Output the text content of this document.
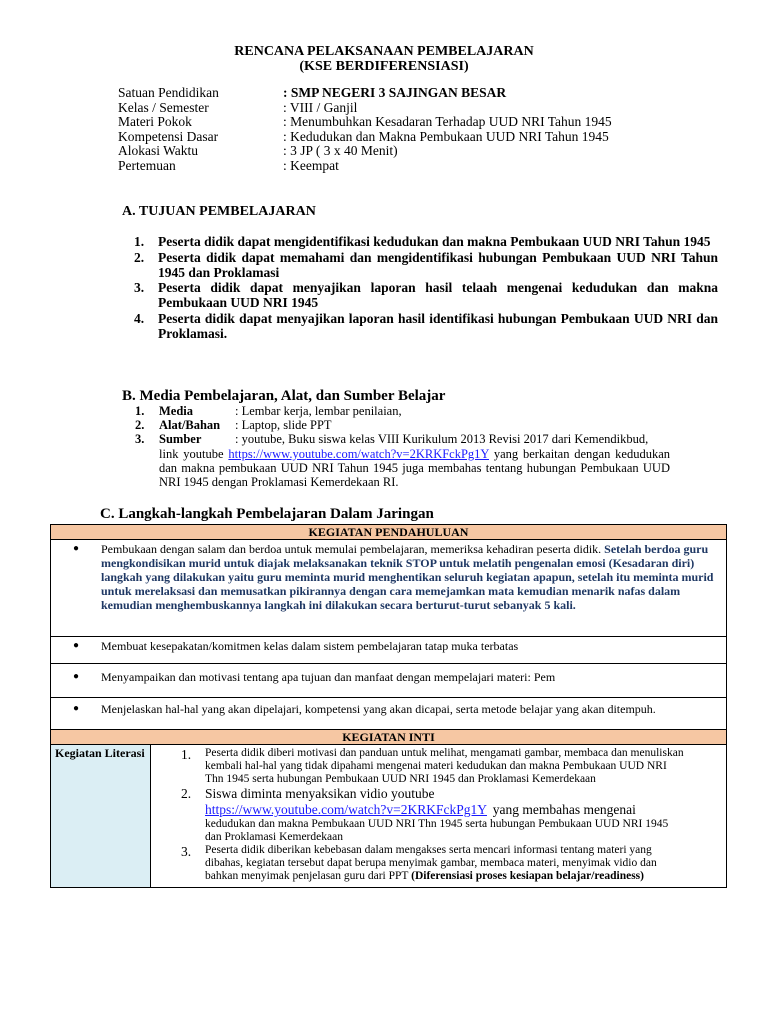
RENCANA PELAKSANAAN PEMBELAJARAN
(KSE BERDIFERENSIASI)
Satuan Pendidikan	: SMP NEGERI 3 SAJINGAN BESAR
Kelas / Semester	: VIII / Ganjil
Materi Pokok	: Menumbuhkan Kesadaran Terhadap UUD NRI Tahun 1945
Kompetensi Dasar	: Kedudukan dan Makna Pembukaan UUD NRI Tahun 1945
Alokasi Waktu	: 3 JP ( 3 x 40 Menit)
Pertemuan	: Keempat
A. TUJUAN PEMBELAJARAN
1.	Peserta didik dapat mengidentifikasi kedudukan dan makna Pembukaan UUD NRI Tahun 1945
2.	Peserta didik dapat memahami dan mengidentifikasi hubungan Pembukaan UUD NRI Tahun 1945 dan Proklamasi
3.	Peserta didik dapat menyajikan laporan hasil telaah mengenai kedudukan dan makna Pembukaan UUD NRI 1945
4.	Peserta didik dapat menyajikan laporan hasil identifikasi hubungan Pembukaan UUD NRI dan Proklamasi.
B. Media Pembelajaran, Alat, dan Sumber Belajar
1.	Media	: Lembar kerja, lembar penilaian,
2.	Alat/Bahan	: Laptop, slide PPT
3.	Sumber	: youtube, Buku siswa kelas VIII Kurikulum 2013 Revisi 2017 dari Kemendikbud,
link youtube https://www.youtube.com/watch?v=2KRKFckPg1Y yang berkaitan dengan kedudukan dan makna pembukaan UUD NRI Tahun 1945 juga membahas tentang hubungan Pembukaan UUD NRI 1945 dengan Proklamasi Kemerdekaan RI.
C. Langkah-langkah Pembelajaran Dalam Jaringan
KEGIATAN PENDAHULUAN

●	Pembukaan dengan salam dan berdoa untuk memulai pembelajaran, memeriksa kehadiran peserta didik. Setelah berdoa guru mengkondisikan murid untuk diajak melaksanakan teknik STOP untuk melatih pengenalan emosi (Kesadaran diri) langkah yang dilakukan yaitu guru meminta murid menghentikan seluruh kegiatan apapun, setelah itu meminta murid untuk merelaksasi dan memusatkan pikirannya dengan cara memejamkan mata kemudian menarik nafas dalam kemudian menghembuskannya langkah ini dilakukan secara berturut-turut sebanyak 5 kali.

●	Membuat kesepakatan/komitmen kelas dalam sistem pembelajaran tatap muka terbatas

●	Menyampaikan dan motivasi tentang apa tujuan dan manfaat dengan mempelajari materi: Pem

●	Menjelaskan hal-hal yang akan dipelajari, kompetensi yang akan dicapai, serta metode belajar yang akan ditempuh.

KEGIATAN INTI
Kegiatan Literasi	1.	Peserta didik diberi motivasi dan panduan untuk melihat, mengamati gambar, membaca dan menuliskan kembali hal-hal yang tidak dipahami mengenai materi kedudukan dan makna Pembukaan UUD NRI Thn 1945 serta hubungan Pembukaan UUD NRI 1945 dan Proklamasi Kemerdekaan
2.	Siswa diminta menyaksikan vidio youtube
https://www.youtube.com/watch?v=2KRKFckPg1Y yang membahas mengenai
kedudukan dan makna Pembukaan UUD NRI Thn 1945 serta hubungan Pembukaan UUD NRI 1945 dan Proklamasi Kemerdekaan
3.	Peserta didik diberikan kebebasan dalam mengakses serta mencari informasi tentang materi yang dibahas, kegiatan tersebut dapat berupa menyimak gambar, membaca materi, menyimak vidio dan bahkan menyimak penjelasan guru dari PPT (Diferensiasi proses kesiapan belajar/readiness)
